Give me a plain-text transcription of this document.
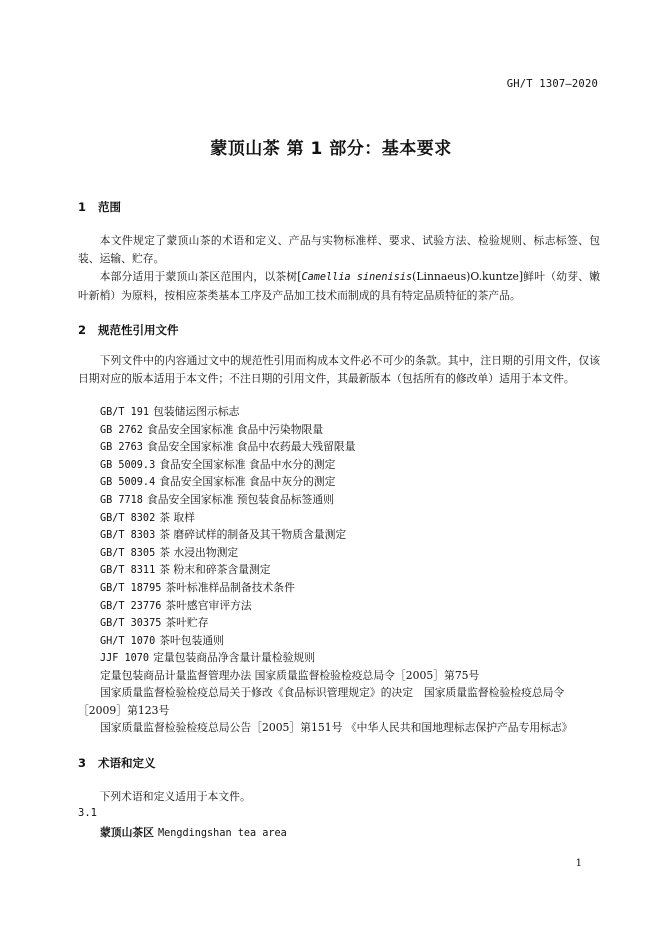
GH/T 1307—2020
蒙顶山茶 第 1 部分：基本要求
1 范围
本文件规定了蒙顶山茶的术语和定义、产品与实物标准样、要求、试验方法、检验规则、标志标签、包装、运输、贮存。
本部分适用于蒙顶山茶区范围内，以茶树[Camellia sinenisis(Linnaeus)O.kuntze]鲜叶（幼芽、嫩叶新梢）为原料，按相应茶类基本工序及产品加工技术而制成的具有特定品质特征的茶产品。
2 规范性引用文件
下列文件中的内容通过文中的规范性引用而构成本文件必不可少的条款。其中，注日期的引用文件，仅该日期对应的版本适用于本文件；不注日期的引用文件，其最新版本（包括所有的修改单）适用于本文件。
GB/T 191 包装储运图示标志
GB 2762 食品安全国家标准 食品中污染物限量
GB 2763 食品安全国家标准 食品中农药最大残留限量
GB 5009.3 食品安全国家标准 食品中水分的测定
GB 5009.4 食品安全国家标准 食品中灰分的测定
GB 7718 食品安全国家标准 预包装食品标签通则
GB/T 8302 茶 取样
GB/T 8303 茶 磨碎试样的制备及其干物质含量测定
GB/T 8305 茶 水浸出物测定
GB/T 8311 茶 粉末和碎茶含量测定
GB/T 18795 茶叶标准样品制备技术条件
GB/T 23776 茶叶感官审评方法
GB/T 30375 茶叶贮存
GH/T 1070 茶叶包装通则
JJF 1070 定量包装商品净含量计量检验规则
定量包装商品计量监督管理办法 国家质量监督检验检疫总局令［2005］第75号
国家质量监督检验检疫总局关于修改《食品标识管理规定》的决定　国家质量监督检验检疫总局令［2009］第123号
国家质量监督检验检疫总局公告［2005］第151号 《中华人民共和国地理标志保护产品专用标志》
3 术语和定义
下列术语和定义适用于本文件。
3.1
蒙顶山茶区 Mengdingshan tea area
1
